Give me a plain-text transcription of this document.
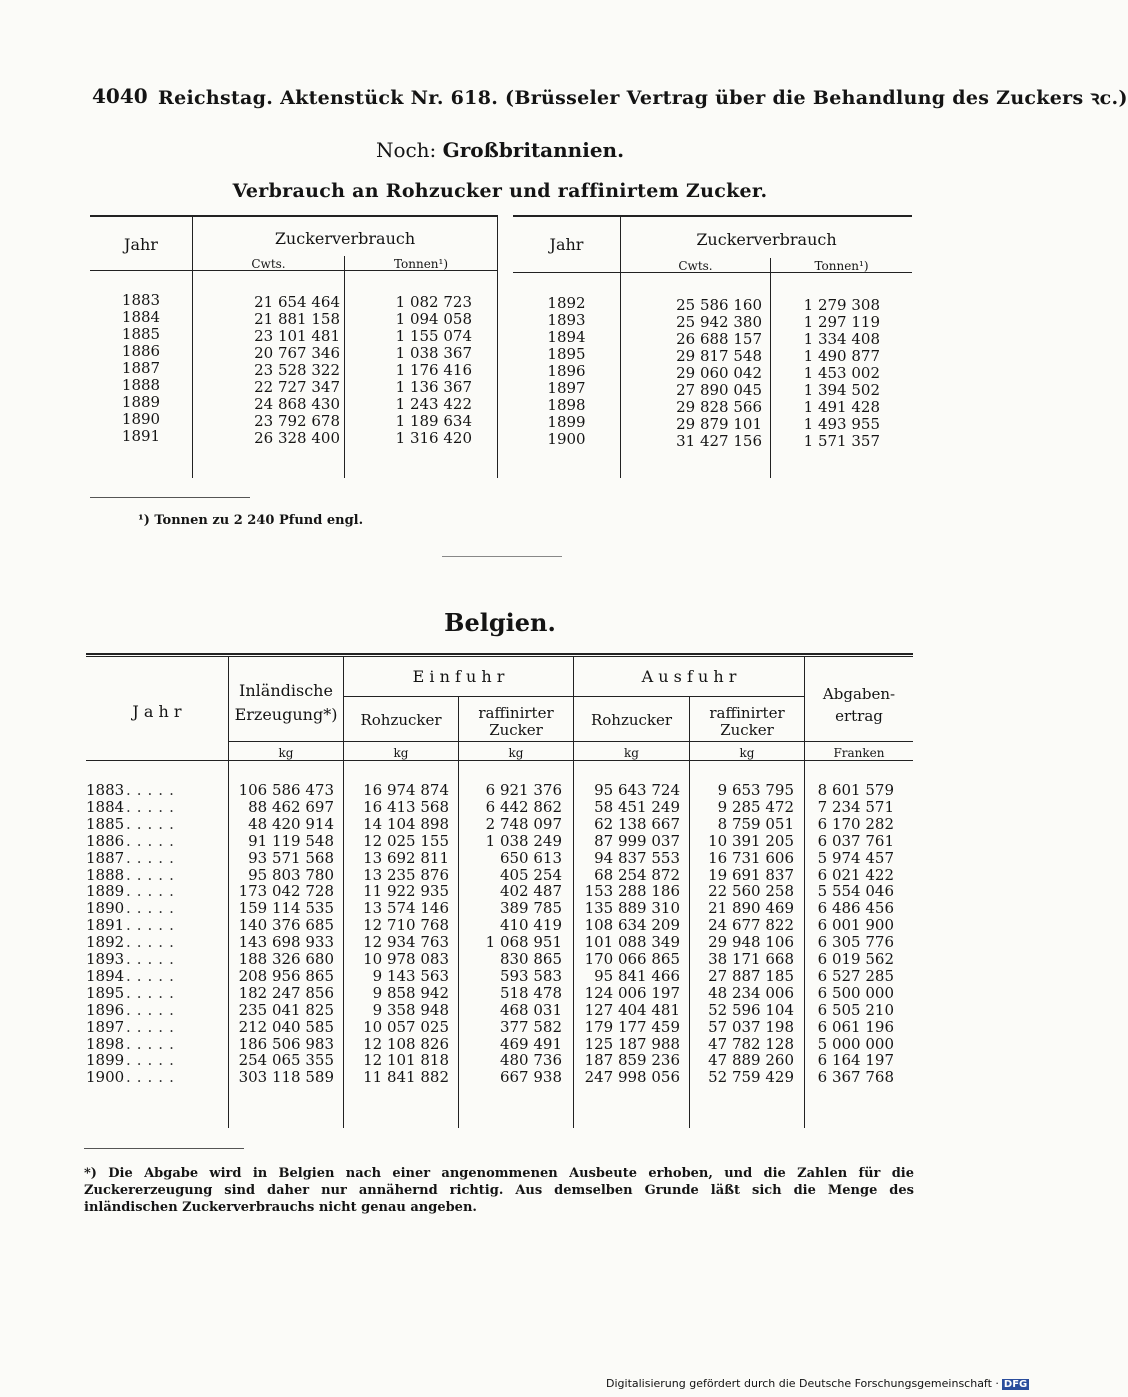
4040 Reichstag. Aktenstück Nr. 618. (Brüsseler Vertrag über die Behandlung des Zuckers ꝛc.)
Noch: Großbritannien.
Verbrauch an Rohzucker und raffinirtem Zucker.
Jahr	Zuckerverbrauch
Cwts.	Tonnen¹)
Jahr	Zuckerverbrauch
Cwts.	Tonnen¹)
1883	21 654 464	1 082 723
1884	21 881 158	1 094 058
1885	23 101 481	1 155 074
1886	20 767 346	1 038 367
1887	23 528 322	1 176 416
1888	22 727 347	1 136 367
1889	24 868 430	1 243 422
1890	23 792 678	1 189 634
1891	26 328 400	1 316 420
1892	25 586 160	1 279 308
1893	25 942 380	1 297 119
1894	26 688 157	1 334 408
1895	29 817 548	1 490 877
1896	29 060 042	1 453 002
1897	27 890 045	1 394 502
1898	29 828 566	1 491 428
1899	29 879 101	1 493 955
1900	31 427 156	1 571 357
¹) Tonnen zu 2 240 Pfund engl.
Belgien.
J a h r
Inländische Erzeugung*)
E i n f u h r	A u s f u h r
Rohzucker	raffinirter Zucker
Rohzucker	raffinirter Zucker
Abgaben-ertrag
kg	kg	kg	kg	kg	Franken
1883 .....	106 586 473	16 974 874	6 921 376	95 643 724	9 653 795	8 601 579
1884 .....	88 462 697	16 413 568	6 442 862	58 451 249	9 285 472	7 234 571
1885 .....	48 420 914	14 104 898	2 748 097	62 138 667	8 759 051	6 170 282
1886 .....	91 119 548	12 025 155	1 038 249	87 999 037	10 391 205	6 037 761
1887 .....	93 571 568	13 692 811	650 613	94 837 553	16 731 606	5 974 457
1888 .....	95 803 780	13 235 876	405 254	68 254 872	19 691 837	6 021 422
1889 .....	173 042 728	11 922 935	402 487	153 288 186	22 560 258	5 554 046
1890 .....	159 114 535	13 574 146	389 785	135 889 310	21 890 469	6 486 456
1891 .....	140 376 685	12 710 768	410 419	108 634 209	24 677 822	6 001 900
1892 .....	143 698 933	12 934 763	1 068 951	101 088 349	29 948 106	6 305 776
1893 .....	188 326 680	10 978 083	830 865	170 066 865	38 171 668	6 019 562
1894 .....	208 956 865	9 143 563	593 583	95 841 466	27 887 185	6 527 285
1895 .....	182 247 856	9 858 942	518 478	124 006 197	48 234 006	6 500 000
1896 .....	235 041 825	9 358 948	468 031	127 404 481	52 596 104	6 505 210
1897 .....	212 040 585	10 057 025	377 582	179 177 459	57 037 198	6 061 196
1898 .....	186 506 983	12 108 826	469 491	125 187 988	47 782 128	5 000 000
1899 .....	254 065 355	12 101 818	480 736	187 859 236	47 889 260	6 164 197
1900 .....	303 118 589	11 841 882	667 938	247 998 056	52 759 429	6 367 768
*) Die Abgabe wird in Belgien nach einer angenommenen Ausbeute erhoben, und die Zahlen für die Zuckererzeugung sind daher nur annähernd richtig. Aus demselben Grunde läßt sich die Menge des inländischen Zuckerverbrauchs nicht genau angeben.
Digitalisierung gefördert durch die Deutsche Forschungsgemeinschaft · DFG
